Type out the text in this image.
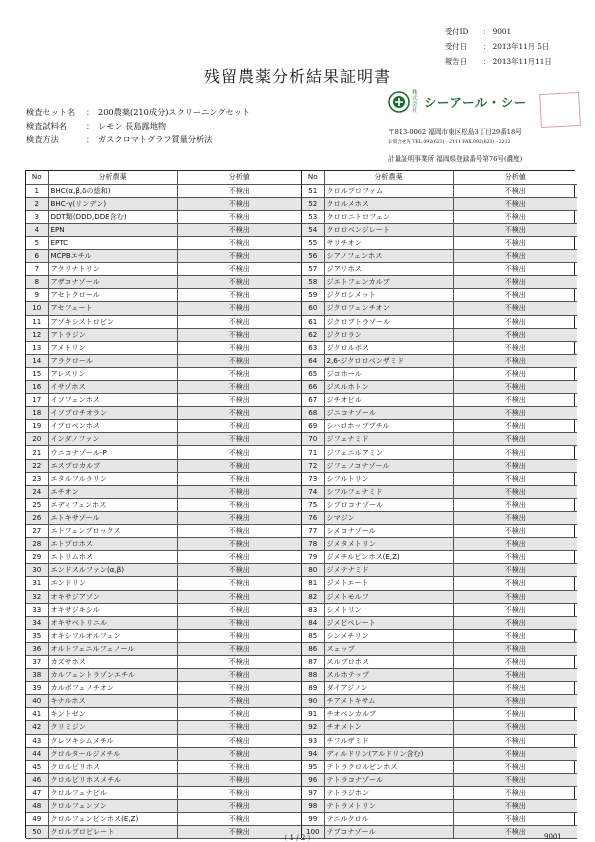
受付ID	： 9001
受付日	： 2013年11月 5日
報告日	： 2013年11月11日
残留農薬分析結果証明書
検査セット名	： 200農薬(210成分)スクリーニングセット
検査試料名	： レモン 長島露地物
検査方法	： ガスクロマトグラフ質量分析法
株式会社
シーアール・シー
〒813-0062 福岡市東区松島3丁目29番18号
お問合せ先 TEL.092(623)－2111 FAX.092(623)－2212
計量証明事業所 福岡県登録番号第76号(濃度)
No	分析農薬	分析値
1	BHC(α,β,δの総和)	不検出
2	BHC-γ(リンデン)	不検出
3	DDT類(DDD,DDE含む)	不検出
4	EPN	不検出
5	EPTC	不検出
6	MCPBエチル	不検出
7	アクリナトリン	不検出
8	アザコナゾール	不検出
9	アセトクロール	不検出
10	アセフェート	不検出
11	アゾキシストロビン	不検出
12	アトラジン	不検出
13	アメトリン	不検出
14	アラクロール	不検出
15	アレスリン	不検出
16	イサゾホス	不検出
17	イソフェンホス	不検出
18	イソプロチオラン	不検出
19	イプロベンホス	不検出
20	インダノファン	不検出
21	ウニコナゾール-P	不検出
22	エスプロカルブ	不検出
23	エタルフルラリン	不検出
24	エチオン	不検出
25	エディフェンホス	不検出
26	エトキサゾール	不検出
27	エトフェンプロックス	不検出
28	エトプロホス	不検出
29	エトリムホス	不検出
30	エンドスルファン(α,β)	不検出
31	エンドリン	不検出
32	オキサジアゾン	不検出
33	オキサジキシル	不検出
34	オキサベトリニル	不検出
35	オキシフルオルフェン	不検出
36	オルトフェニルフェノール	不検出
37	カズサホス	不検出
38	カルフェントラゾンエチル	不検出
39	カルボフェノチオン	不検出
40	キナルホス	不検出
41	キントゼン	不検出
42	クリミジン	不検出
43	クレソキシムメチル	不検出
44	クロルタールジメチル	不検出
45	クロルピリホス	不検出
46	クロルピリホスメチル	不検出
47	クロルフェナピル	不検出
48	クロルフェンソン	不検出
49	クロルフェンビンホス(E,Z)	不検出
50	クロルプロピレート	不検出
No	分析農薬	分析値
51	クロルプロファム	不検出
52	クロルメホス	不検出
53	クロロニトロフェン	不検出
54	クロロベンジレート	不検出
55	サリチオン	不検出
56	シアノフェンホス	不検出
57	ジアリホス	不検出
58	ジエトフェンカルブ	不検出
59	ジクロシメット	不検出
60	ジクロフェンチオン	不検出
61	ジクロブトラゾール	不検出
62	ジクロラン	不検出
63	ジクロルボス	不検出
64	2,6-ジクロロベンザミド	不検出
65	ジコホール	不検出
66	ジスルホトン	不検出
67	ジチオピル	不検出
68	ジニコナゾール	不検出
69	シハロホップブチル	不検出
70	ジフェナミド	不検出
71	ジフェニルアミン	不検出
72	ジフェノコナゾール	不検出
73	シフルトリン	不検出
74	シフルフェナミド	不検出
75	シプロコナゾール	不検出
76	シマジン	不検出
77	シメコナゾール	不検出
78	ジメタメトリン	不検出
79	ジメチルビンホス(E,Z)	不検出
80	ジメテナミド	不検出
81	ジメトエート	不検出
82	ジメトモルフ	不検出
83	シメトリン	不検出
84	ジメピペレート	不検出
85	シンメチリン	不検出
86	スェップ	不検出
87	スルプロホス	不検出
88	スルホテップ	不検出
89	ダイアジノン	不検出
90	チアメトキサム	不検出
91	チオベンカルブ	不検出
92	チオメトン	不検出
93	チフルザミド	不検出
94	ディルドリン(アルドリン含む)	不検出
95	テトラクロルビンホス	不検出
96	テトラコナゾール	不検出
97	テトラジホン	不検出
98	テトラメトリン	不検出
99	テニルクロル	不検出
100	テブコナゾール	不検出
（ 1 / 2 ）	9001
